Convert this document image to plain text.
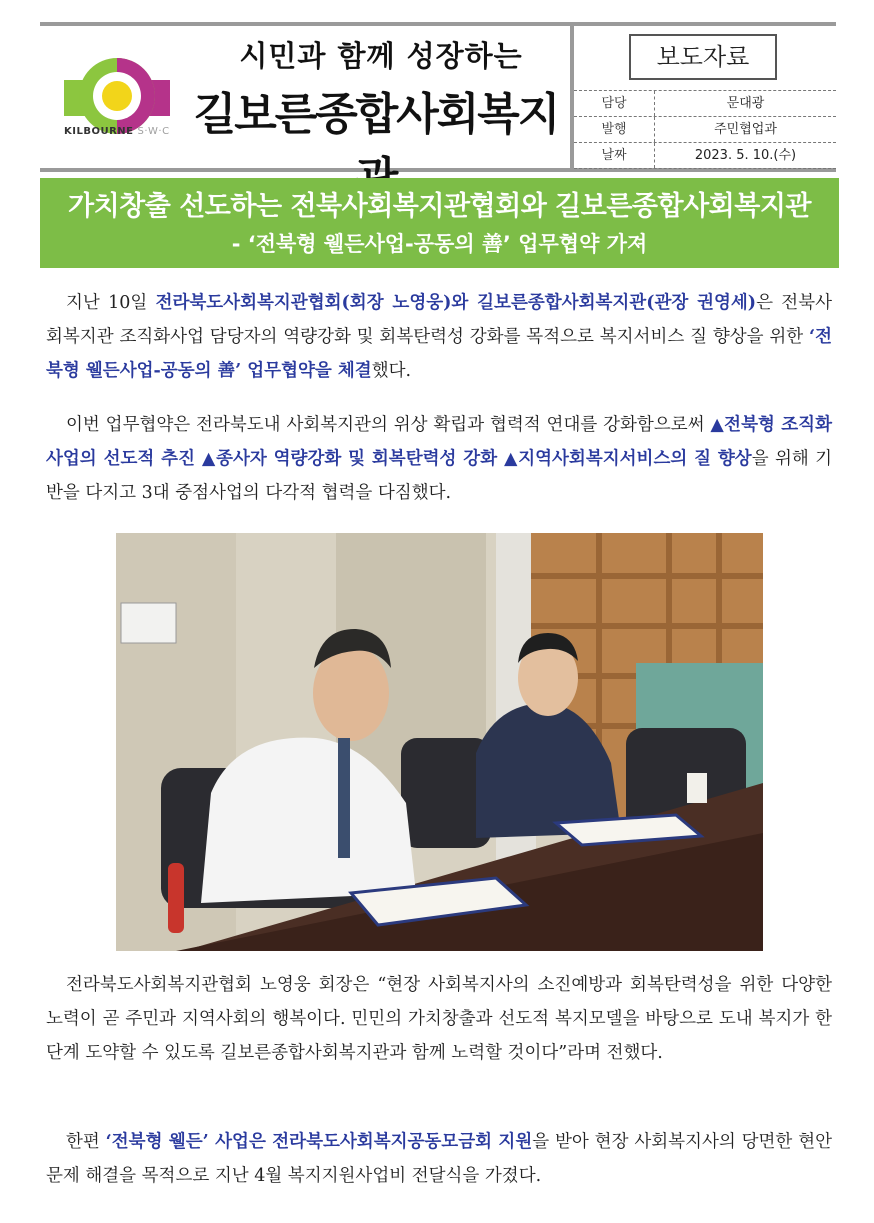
KILBOURNE S·W·C
시민과 함께 성장하는
길보른종합사회복지
보도자료
담당	문대광
발행	주민협업과
날짜	2023. 5. 10.(수)
가치창출 선도하는 전북사회복지관협회와 길보른종합사회복지관
- ‘전북형 웰든사업-공동의 善’ 업무협약 가져

지난 10일 전라북도사회복지관협회(회장 노영웅)와 길보른종합사회복지관(관장 권영세)은 전북사회복지관 조직화사업 담당자의 역량강화 및 회복탄력성 강화를 목적으로 복지서비스 질 향상을 위한 ‘전북형 웰든사업-공동의 善’ 업무협약을 체결했다.

이번 업무협약은 전라북도내 사회복지관의 위상 확립과 협력적 연대를 강화함으로써 ▲전북형 조직화사업의 선도적 추진 ▲종사자 역량강화 및 회복탄력성 강화 ▲지역사회복지서비스의 질 향상을 위해 기반을 다지고 3대 중점사업의 다각적 협력을 다짐했다.

전라북도사회복지관협회 노영웅 회장은 “현장 사회복지사의 소진예방과 회복탄력성을 위한 다양한 노력이 곧 주민과 지역사회의 행복이다. 민민의 가치창출과 선도적 복지모델을 바탕으로 도내 복지가 한 단계 도약할 수 있도록 길보른종합사회복지관과 함께 노력할 것이다”라며 전했다.

한편 ‘전북형 웰든’ 사업은 전라북도사회복지공동모금회 지원을 받아 현장 사회복지사의 당면한 현안문제 해결을 목적으로 지난 4월 복지지원사업비 전달식을 가졌다.
